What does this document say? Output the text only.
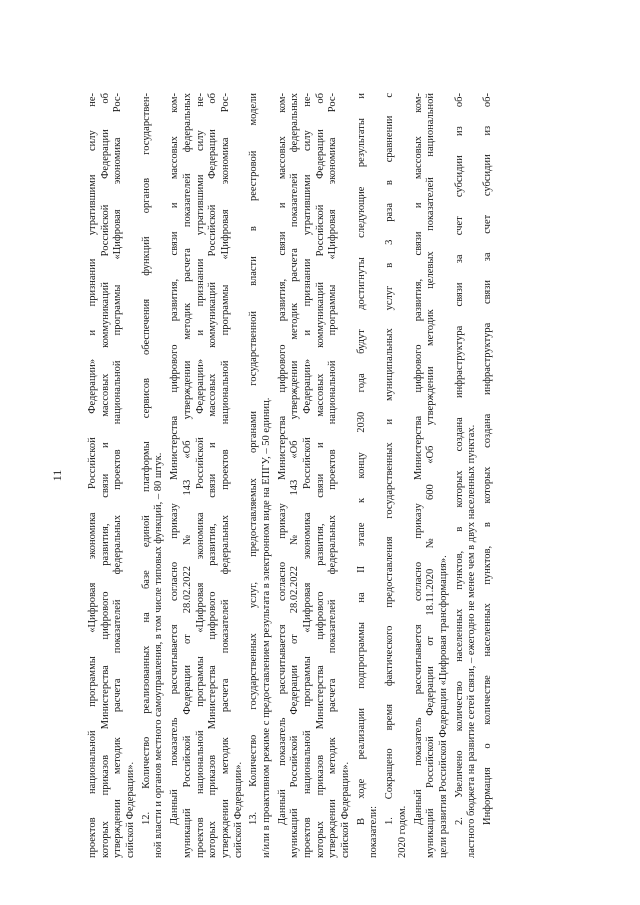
11 проектов национальной программы «Цифровая экономика Российской Федерации» и признании утратившими силу не- которых приказов Министерства цифрового развития, связи и массовых коммуникаций Российской Федерации об утверждении методик расчета показателей федеральных проектов национальной программы «Цифровая экономика Рос- сийской Федерации». 12. Количество реализованных на базе единой платформы сервисов обеспечения функций органов государствен- ной власти и органов местного самоуправления, в том числе типовых функций, – 80 штук. Данный показатель рассчитывается согласно приказу Министерства цифрового развития, связи и массовых ком- муникаций Российской Федерации от 28.02.2022 № 143 «Об утверждении методик расчета показателей федеральных проектов национальной программы «Цифровая экономика Российской Федерации» и признании утратившими силу не- которых приказов Министерства цифрового развития, связи и массовых коммуникаций Российской Федерации об утверждении методик расчета показателей федеральных проектов национальной программы «Цифровая экономика Рос- сийской Федерации». 13. Количество государственных услуг, предоставляемых органами государственной власти в реестровой модели и/или в проактивном режиме с предоставлением результата в электронном виде на ЕПГУ, – 50 единиц. Данный показатель рассчитывается согласно приказу Министерства цифрового развития, связи и массовых ком- муникаций Российской Федерации от 28.02.2022 № 143 «Об утверждении методик расчета показателей федеральных проектов национальной программы «Цифровая экономика Российской Федерации» и признании утратившими силу не- которых приказов Министерства цифрового развития, связи и массовых коммуникаций Российской Федерации об утверждении методик расчета показателей федеральных проектов национальной программы «Цифровая экономика Рос- сийской Федерации». В ходе реализации подпрограммы на II этапе к концу 2030 года будут достигнуты следующие результаты и
показатели:
1. Сокращено время фактического предоставления государственных и муниципальных услуг в 3 раза в сравнении с
2020 годом.
Данный показатель рассчитывается согласно приказу Министерства цифрового развития, связи и массовых ком- муникаций Российской Федерации от 18.11.2020 № 600 «Об утверждении методик целевых показателей национальной цели развития Российской Федерации «Цифровая трансформация». 2. Увеличено количество населенных пунктов, в которых создана инфраструктура связи за счет субсидии из об- ластного бюджета на развитие сетей связи, – ежегодно не менее чем в двух населенных пунктах. Информация о количестве населенных пунктов, в которых создана инфраструктура связи за счет субсидии из об-
